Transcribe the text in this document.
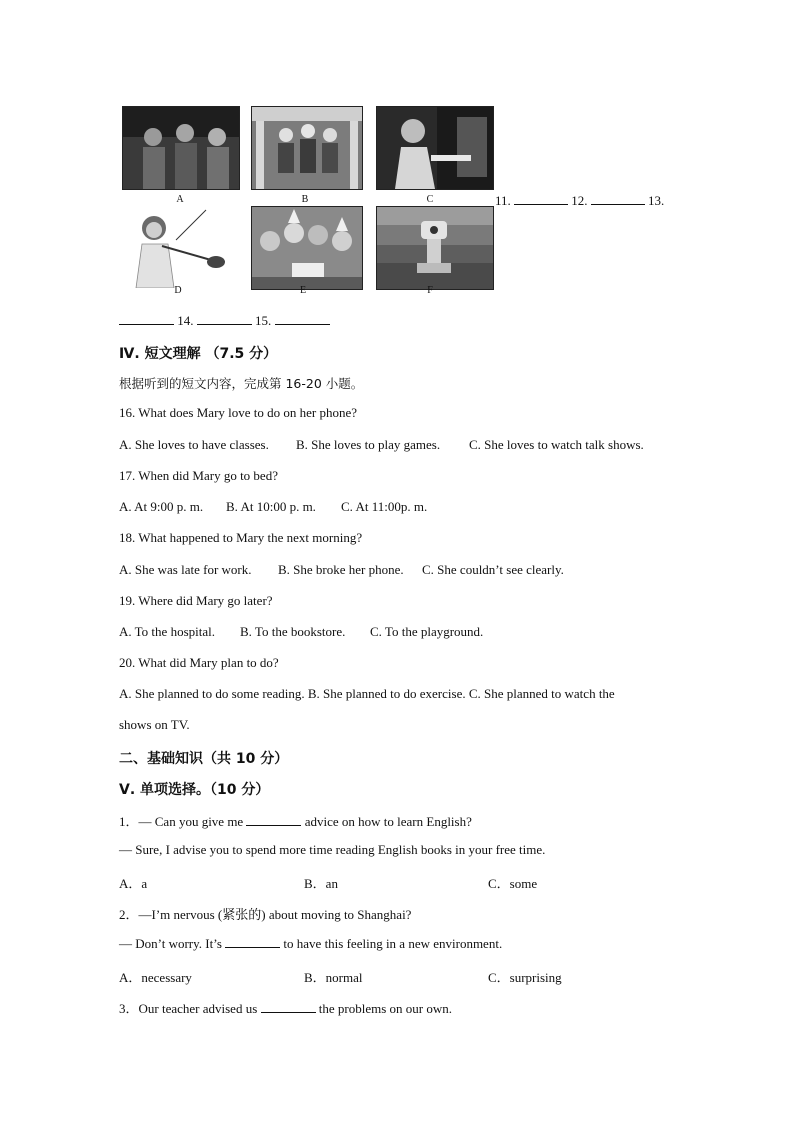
A	B	C	11.	12.	13.
D	E	F
14.	15.
Ⅳ. 短文理解 （7.5 分）
根据听到的短文内容，完成第 16-20 小题。
16. What does Mary love to do on her phone?
A. She loves to have classes. B. She loves to play games. C. She loves to watch talk shows.
17. When did Mary go to bed?
A. At 9:00 p. m. B. At 10:00 p. m. C. At 11:00p. m.
18. What happened to Mary the next morning?
A. She was late for work. B. She broke her phone. C. She couldn’t see clearly.
19. Where did Mary go later?
A. To the hospital. B. To the bookstore. C. To the playground.
20. What did Mary plan to do?
A. She planned to do some reading. B. She planned to do exercise. C. She planned to watch the
shows on TV.
二、基础知识（共 10 分）
Ⅴ. 单项选择。（10 分）
1．— Can you give me	advice on how to learn English?
— Sure, I advise you to spend more time reading English books in your free time.
A．a	B．an	C．some
2．—I’m nervous (紧张的) about moving to Shanghai?
— Don’t worry. It’s	to have this feeling in a new environment.
A．necessary	B．normal	C．surprising
3．Our teacher advised us	the problems on our own.
